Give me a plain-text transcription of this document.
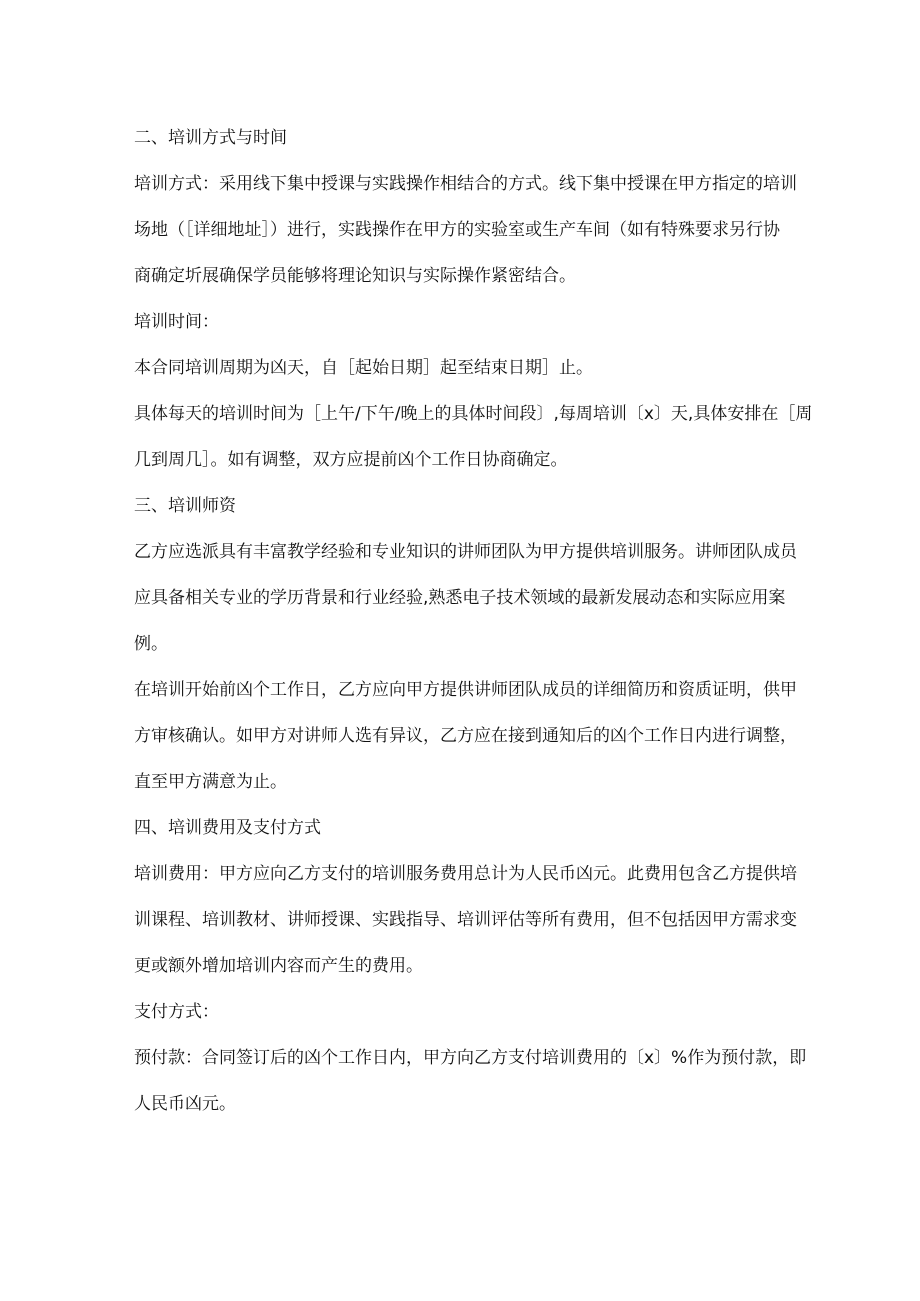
二、培训方式与时间
培训方式：采用线下集中授课与实践操作相结合的方式。线下集中授课在甲方指定的培训
场地（［详细地址］）进行，实践操作在甲方的实验室或生产车间（如有特殊要求另行协
商确定圻展确保学员能够将理论知识与实际操作紧密结合。
培训时间：
本合同培训周期为凶天，自［起始日期］起至结束日期］止。
具体每天的培训时间为［上午/下午/晚上的具体时间段〕,每周培训〔x〕天,具体安排在［周
几到周几］。如有调整，双方应提前凶个工作日协商确定。
三、培训师资
乙方应选派具有丰富教学经验和专业知识的讲师团队为甲方提供培训服务。讲师团队成员
应具备相关专业的学历背景和行业经验,熟悉电子技术领域的最新发展动态和实际应用案
例。
在培训开始前凶个工作日，乙方应向甲方提供讲师团队成员的详细简历和资质证明，供甲
方审核确认。如甲方对讲师人选有异议，乙方应在接到通知后的凶个工作日内进行调整，
直至甲方满意为止。
四、培训费用及支付方式
培训费用：甲方应向乙方支付的培训服务费用总计为人民币凶元。此费用包含乙方提供培
训课程、培训教材、讲师授课、实践指导、培训评估等所有费用，但不包括因甲方需求变
更或额外增加培训内容而产生的费用。
支付方式：
预付款：合同签订后的凶个工作日内，甲方向乙方支付培训费用的〔x〕%作为预付款，即
人民币凶元。
